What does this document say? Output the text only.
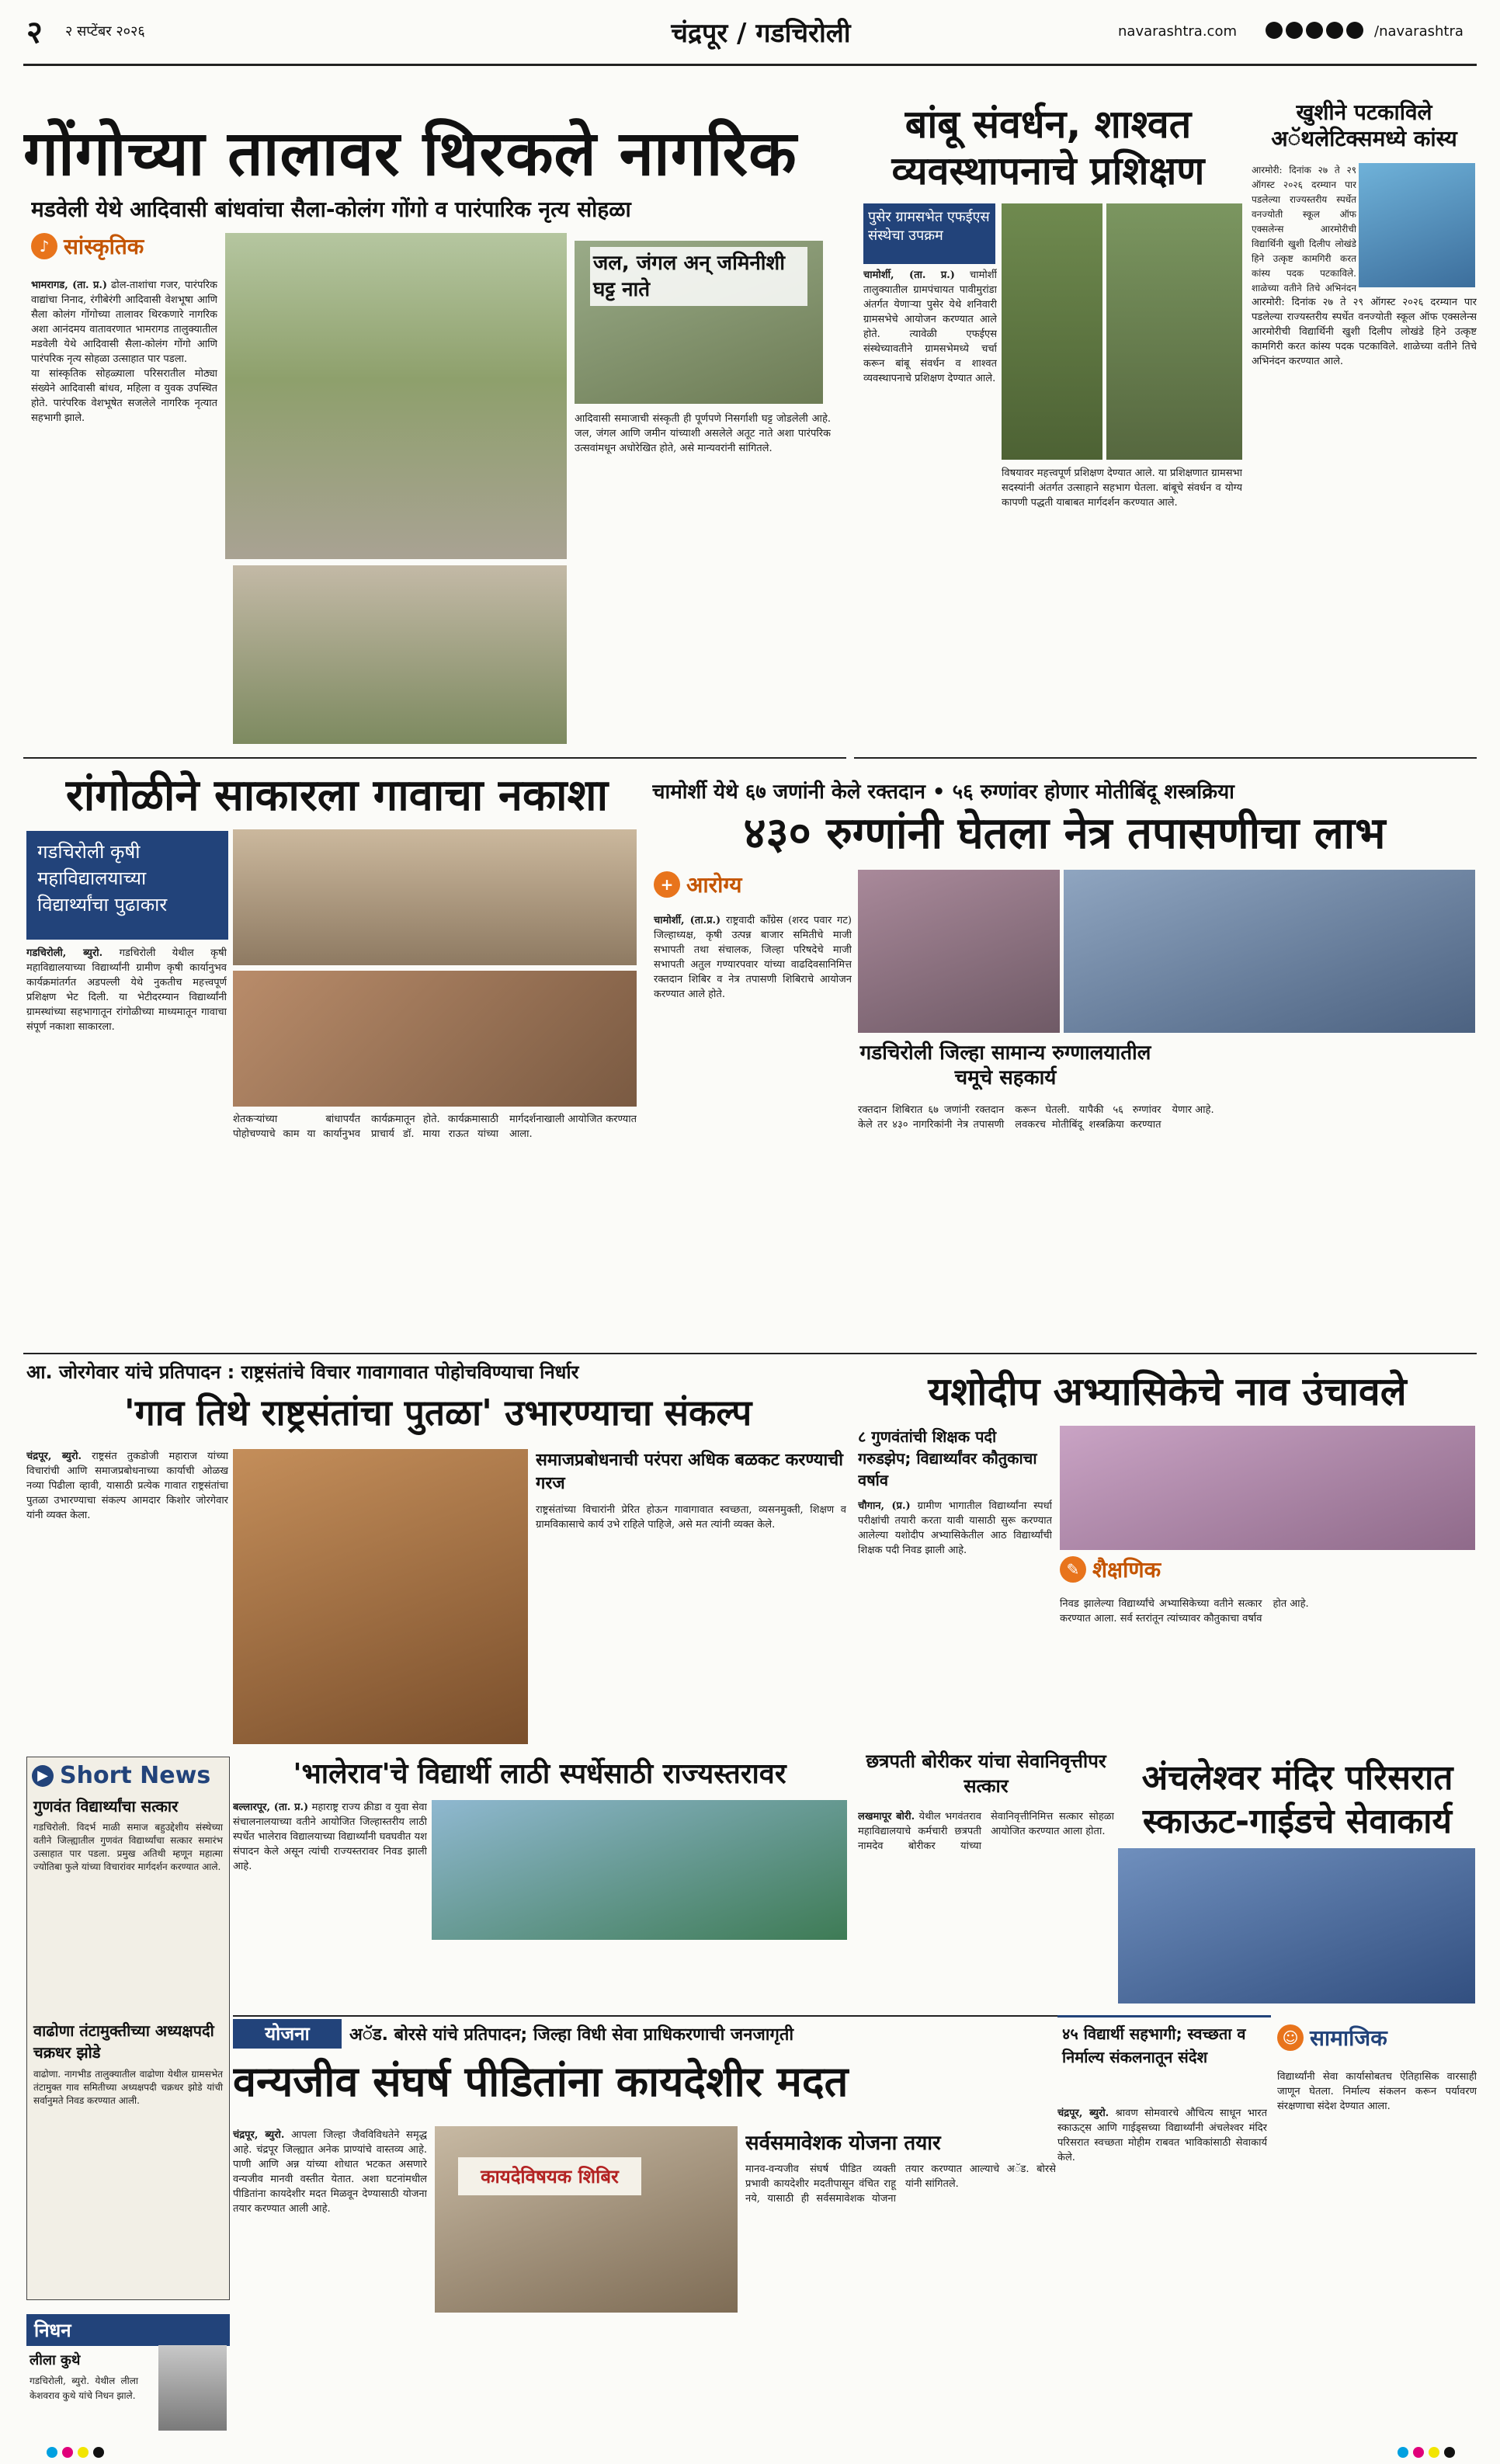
२ २ सप्टेंबर २०२६	चंद्रपूर / गडचिरोली	navarashtra.com	/navarashtra
गोंगोच्या तालावर थिरकले नागरिक
मडवेली येथे आदिवासी बांधवांचा सैला-कोलंग गोंगो व पारंपारिक नृत्य सोहळा
♪ सांस्कृतिक
भामरागड, (ता. प्र.) ढोल-ताशांचा गजर, पारंपरिक वाद्यांचा निनाद, रंगीबेरंगी आदिवासी वेशभूषा आणि सैला कोलंग गोंगोच्या तालावर थिरकणारे नागरिक अशा आनंदमय वातावरणात भामरागड तालुक्यातील मडवेली येथे आदिवासी सैला-कोलंग गोंगो आणि पारंपरिक नृत्य सोहळा उत्साहात पार पडला.
या सांस्कृतिक सोहळ्याला परिसरातील मोठ्या संख्येने आदिवासी बांधव, महिला व युवक उपस्थित होते. पारंपरिक वेशभूषेत सजलेले नागरिक नृत्यात सहभागी झाले.
जल, जंगल अन् जमिनीशी घट्ट नाते
आदिवासी समाजाची संस्कृती ही पूर्णपणे निसर्गाशी घट्ट जोडलेली आहे. जल, जंगल आणि जमीन यांच्याशी असलेले अतूट नाते अशा पारंपरिक उत्सवांमधून अधोरेखित होते, असे मान्यवरांनी सांगितले.
बांबू संवर्धन, शाश्वत व्यवस्थापनाचे प्रशिक्षण
पुसेर ग्रामसभेत एफईएस संस्थेचा उपक्रम
चामोर्शी, (ता. प्र.) चामोर्शी तालुक्यातील ग्रामपंचायत पावीमुरांडा अंतर्गत येणाऱ्या पुसेर येथे शनिवारी ग्रामसभेचे आयोजन करण्यात आले होते. त्यावेळी एफईएस संस्थेच्यावतीने ग्रामसभेमध्ये चर्चा करून बांबू संवर्धन व शाश्वत व्यवस्थापनाचे प्रशिक्षण देण्यात आले.
विषयावर महत्त्वपूर्ण प्रशिक्षण देण्यात आले. या प्रशिक्षणात ग्रामसभा सदस्यांनी अंतर्गत उत्साहाने सहभाग घेतला. बांबूचे संवर्धन व योग्य कापणी पद्धती याबाबत मार्गदर्शन करण्यात आले.
खुशीने पटकाविले अॅथलेटिक्समध्ये कांस्य
आरमोरी: दिनांक २७ ते २९ ऑगस्ट २०२६ दरम्यान पार पडलेल्या राज्यस्तरीय स्पर्धेत वनज्योती स्कूल ऑफ एक्सलेन्स आरमोरीची विद्यार्थिनी खुशी दिलीप लोखंडे हिने उत्कृष्ट कामगिरी करत कांस्य पदक पटकाविले. शाळेच्या वतीने तिचे अभिनंदन
आरमोरी: दिनांक २७ ते २९ ऑगस्ट २०२६ दरम्यान पार पडलेल्या राज्यस्तरीय स्पर्धेत वनज्योती स्कूल ऑफ एक्सलेन्स आरमोरीची विद्यार्थिनी खुशी दिलीप लोखंडे हिने उत्कृष्ट कामगिरी करत कांस्य पदक पटकाविले. शाळेच्या वतीने तिचे अभिनंदन करण्यात आले.
रांगोळीने साकारला गावाचा नकाशा
गडचिरोली कृषी महाविद्यालयाच्या विद्यार्थ्यांचा पुढाकार
गडचिरोली, ब्युरो. गडचिरोली येथील कृषी महाविद्यालयाच्या विद्यार्थ्यांनी ग्रामीण कृषी कार्यानुभव कार्यक्रमांतर्गत अडपल्ली येथे नुकतीच महत्त्वपूर्ण प्रशिक्षण भेट दिली. या भेटीदरम्यान विद्यार्थ्यांनी ग्रामस्थांच्या सहभागातून रांगोळीच्या माध्यमातून गावाचा संपूर्ण नकाशा साकारला.
शेतकऱ्यांच्या बांधापर्यंत पोहोचण्याचे काम या कार्यानुभव कार्यक्रमातून होते. कार्यक्रमासाठी प्राचार्य डॉ. माया राऊत यांच्या मार्गदर्शनाखाली आयोजित करण्यात आला.
चामोर्शी येथे ६७ जणांनी केले रक्तदान • ५६ रुग्णांवर होणार मोतीबिंदू शस्त्रक्रिया
४३० रुग्णांनी घेतला नेत्र तपासणीचा लाभ
+ आरोग्य
चामोर्शी, (ता.प्र.) राष्ट्रवादी काँग्रेस (शरद पवार गट) जिल्हाध्यक्ष, कृषी उत्पन्न बाजार समितीचे माजी सभापती तथा संचालक, जिल्हा परिषदेचे माजी सभापती अतुल गण्यारपवार यांच्या वाढदिवसानिमित्त रक्तदान शिबिर व नेत्र तपासणी शिबिराचे आयोजन करण्यात आले होते.
गडचिरोली जिल्हा सामान्य रुग्णालयातील चमूचे सहकार्य
रक्तदान शिबिरात ६७ जणांनी रक्तदान केले तर ४३० नागरिकांनी नेत्र तपासणी करून घेतली. यापैकी ५६ रुग्णांवर लवकरच मोतीबिंदू शस्त्रक्रिया करण्यात येणार आहे.
आ. जोरगेवार यांचे प्रतिपादन : राष्ट्रसंतांचे विचार गावागावात पोहोचविण्याचा निर्धार
'गाव तिथे राष्ट्रसंतांचा पुतळा' उभारण्याचा संकल्प
चंद्रपूर, ब्युरो. राष्ट्रसंत तुकडोजी महाराज यांच्या विचारांची आणि समाजप्रबोधनाच्या कार्याची ओळख नव्या पिढीला व्हावी, यासाठी प्रत्येक गावात राष्ट्रसंतांचा पुतळा उभारण्याचा संकल्प आमदार किशोर जोरगेवार यांनी व्यक्त केला.
समाजप्रबोधनाची परंपरा अधिक बळकट करण्याची गरज
राष्ट्रसंतांच्या विचारांनी प्रेरित होऊन गावागावात स्वच्छता, व्यसनमुक्ती, शिक्षण व ग्रामविकासाचे कार्य उभे राहिले पाहिजे, असे मत त्यांनी व्यक्त केले.
यशोदीप अभ्यासिकेचे नाव उंचावले
८ गुणवंतांची शिक्षक पदी गरुडझेप; विद्यार्थ्यांवर कौतुकाचा वर्षाव
चौगान, (प्र.) ग्रामीण भागातील विद्यार्थ्यांना स्पर्धा परीक्षांची तयारी करता यावी यासाठी सुरू करण्यात आलेल्या यशोदीप अभ्यासिकेतील आठ विद्यार्थ्यांची शिक्षक पदी निवड झाली आहे.
✎ शैक्षणिक
निवड झालेल्या विद्यार्थ्यांचे अभ्यासिकेच्या वतीने सत्कार करण्यात आला. सर्व स्तरांतून त्यांच्यावर कौतुकाचा वर्षाव होत आहे.
छत्रपती बोरीकर यांचा सेवानिवृत्तीपर सत्कार
लखमापूर बोरी. येथील भगवंतराव महाविद्यालयाचे कर्मचारी छत्रपती नामदेव बोरीकर यांच्या सेवानिवृत्तीनिमित्त सत्कार सोहळा आयोजित करण्यात आला होता.
▶ Short News
गुणवंत विद्यार्थ्यांचा सत्कार
गडचिरोली. विदर्भ माळी समाज बहुउद्देशीय संस्थेच्या वतीने जिल्ह्यातील गुणवंत विद्यार्थ्यांचा सत्कार समारंभ उत्साहात पार पडला. प्रमुख अतिथी म्हणून महात्मा ज्योतिबा फुले यांच्या विचारांवर मार्गदर्शन करण्यात आले.
वाढोणा तंटामुक्तीच्या अध्यक्षपदी चक्रधर झोडे
वाढोणा. नागभीड तालुक्यातील वाढोणा येथील ग्रामसभेत तंटामुक्त गाव समितीच्या अध्यक्षपदी चक्रधर झोडे यांची सर्वानुमते निवड करण्यात आली.
निधन
लीला कुथे
गडचिरोली, ब्युरो. येथील लीला केशवराव कुथे यांचे निधन झाले.
'भालेराव'चे विद्यार्थी लाठी स्पर्धेसाठी राज्यस्तरावर
बल्लारपूर, (ता. प्र.) महाराष्ट्र राज्य क्रीडा व युवा सेवा संचालनालयाच्या वतीने आयोजित जिल्हास्तरीय लाठी स्पर्धेत भालेराव विद्यालयाच्या विद्यार्थ्यांनी घवघवीत यश संपादन केले असून त्यांची राज्यस्तरावर निवड झाली आहे.
अंचलेश्वर मंदिर परिसरात स्काऊट-गाईडचे सेवाकार्य
योजना	अॅड. बोरसे यांचे प्रतिपादन; जिल्हा विधी सेवा प्राधिकरणाची जनजागृती
वन्यजीव संघर्ष पीडितांना कायदेशीर मदत
४५ विद्यार्थी सहभागी; स्वच्छता व निर्माल्य संकलनातून संदेश
☺ सामाजिक
चंद्रपूर, ब्युरो. श्रावण सोमवारचे औचित्य साधून भारत स्काऊट्स आणि गाईड्सच्या विद्यार्थ्यांनी अंचलेश्वर मंदिर परिसरात स्वच्छता मोहीम राबवत भाविकांसाठी सेवाकार्य केले.
विद्यार्थ्यांनी सेवा कार्यासोबतच ऐतिहासिक वारसाही जाणून घेतला. निर्माल्य संकलन करून पर्यावरण संरक्षणाचा संदेश देण्यात आला.
चंद्रपूर, ब्युरो. आपला जिल्हा जैवविविधतेने समृद्ध आहे. चंद्रपूर जिल्ह्यात अनेक प्राण्यांचे वास्तव्य आहे. पाणी आणि अन्न यांच्या शोधात भटकत असणारे वन्यजीव मानवी वस्तीत येतात. अशा घटनांमधील पीडितांना कायदेशीर मदत मिळवून देण्यासाठी योजना तयार करण्यात आली आहे.
कायदेविषयक शिबिर
सर्वसमावेशक योजना तयार
मानव-वन्यजीव संघर्ष पीडित व्यक्ती प्रभावी कायदेशीर मदतीपासून वंचित राहू नये, यासाठी ही सर्वसमावेशक योजना तयार करण्यात आल्याचे अॅड. बोरसे यांनी सांगितले.
